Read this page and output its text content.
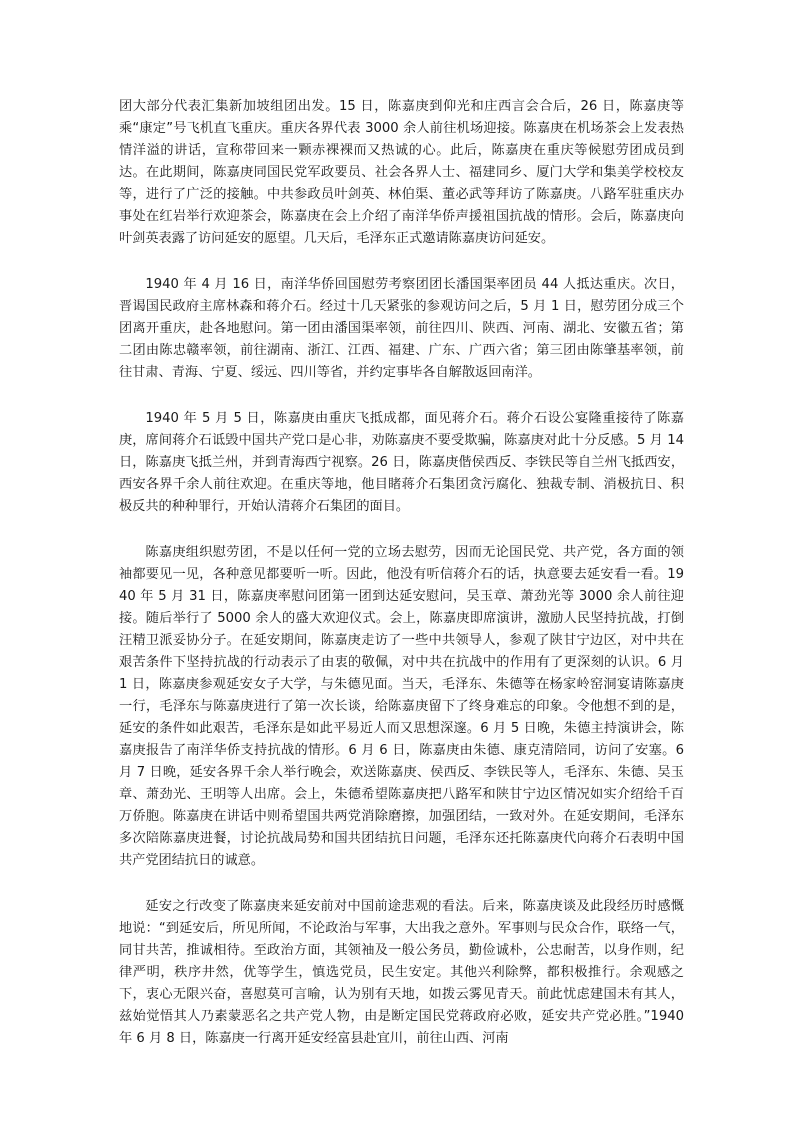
团大部分代表汇集新加坡组团出发。15 日，陈嘉庚到仰光和庄西言会合后，26 日，陈嘉庚等乘“康定”号飞机直飞重庆。重庆各界代表 3000 余人前往机场迎接。陈嘉庚在机场茶会上发表热情洋溢的讲话，宣称带回来一颗赤裸裸而又热诚的心。此后，陈嘉庚在重庆等候慰劳团成员到达。在此期间，陈嘉庚同国民党军政要员、社会各界人士、福建同乡、厦门大学和集美学校校友等，进行了广泛的接触。中共参政员叶剑英、林伯渠、董必武等拜访了陈嘉庚。八路军驻重庆办事处在红岩举行欢迎茶会，陈嘉庚在会上介绍了南洋华侨声援祖国抗战的情形。会后，陈嘉庚向叶剑英表露了访问延安的愿望。几天后，毛泽东正式邀请陈嘉庚访问延安。

1940 年 4 月 16 日，南洋华侨回国慰劳考察团团长潘国渠率团员 44 人抵达重庆。次日，晋谒国民政府主席林森和蒋介石。经过十几天紧张的参观访问之后，5 月 1 日，慰劳团分成三个团离开重庆，赴各地慰问。第一团由潘国渠率领，前往四川、陕西、河南、湖北、安徽五省；第二团由陈忠赣率领，前往湖南、浙江、江西、福建、广东、广西六省；第三团由陈肇基率领，前往甘肃、青海、宁夏、绥远、四川等省，并约定事毕各自解散返回南洋。

1940 年 5 月 5 日，陈嘉庚由重庆飞抵成都，面见蒋介石。蒋介石设公宴隆重接待了陈嘉庚，席间蒋介石诋毁中国共产党口是心非，劝陈嘉庚不要受欺骗，陈嘉庚对此十分反感。5 月 14 日，陈嘉庚飞抵兰州，并到青海西宁视察。26 日，陈嘉庚偕侯西反、李铁民等自兰州飞抵西安，西安各界千余人前往欢迎。在重庆等地，他目睹蒋介石集团贪污腐化、独裁专制、消极抗日、积极反共的种种罪行，开始认清蒋介石集团的面目。

陈嘉庚组织慰劳团，不是以任何一党的立场去慰劳，因而无论国民党、共产党，各方面的领袖都要见一见，各种意见都要听一听。因此，他没有听信蒋介石的话，执意要去延安看一看。1940 年 5 月 31 日，陈嘉庚率慰问团第一团到达延安慰问，吴玉章、萧劲光等 3000 余人前往迎接。随后举行了 5000 余人的盛大欢迎仪式。会上，陈嘉庚即席演讲，激励人民坚持抗战，打倒汪精卫派妥协分子。在延安期间，陈嘉庚走访了一些中共领导人，参观了陕甘宁边区，对中共在艰苦条件下坚持抗战的行动表示了由衷的敬佩，对中共在抗战中的作用有了更深刻的认识。6 月 1 日，陈嘉庚参观延安女子大学，与朱德见面。当天，毛泽东、朱德等在杨家岭窑洞宴请陈嘉庚一行，毛泽东与陈嘉庚进行了第一次长谈，给陈嘉庚留下了终身难忘的印象。令他想不到的是，延安的条件如此艰苦，毛泽东是如此平易近人而又思想深邃。6 月 5 日晚，朱德主持演讲会，陈嘉庚报告了南洋华侨支持抗战的情形。6 月 6 日，陈嘉庚由朱德、康克清陪同，访问了安塞。6 月 7 日晚，延安各界千余人举行晚会，欢送陈嘉庚、侯西反、李铁民等人，毛泽东、朱德、吴玉章、萧劲光、王明等人出席。会上，朱德希望陈嘉庚把八路军和陕甘宁边区情况如实介绍给千百万侨胞。陈嘉庚在讲话中则希望国共两党消除磨擦，加强团结，一致对外。在延安期间，毛泽东多次陪陈嘉庚进餐，讨论抗战局势和国共团结抗日问题，毛泽东还托陈嘉庚代向蒋介石表明中国共产党团结抗日的诚意。

延安之行改变了陈嘉庚来延安前对中国前途悲观的看法。后来，陈嘉庚谈及此段经历时感慨地说：“到延安后，所见所闻，不论政治与军事，大出我之意外。军事则与民众合作，联络一气，同甘共苦，推诚相待。至政治方面，其领袖及一般公务员，勤俭诚朴，公忠耐苦，以身作则，纪律严明，秩序井然，优等学生，慎选党员，民生安定。其他兴利除弊，都积极推行。余观感之下，衷心无限兴奋，喜慰莫可言喻，认为别有天地，如拨云雾见青天。前此忧虑建国未有其人，兹始觉悟其人乃素蒙恶名之共产党人物，由是断定国民党蒋政府必败，延安共产党必胜。”1940 年 6 月 8 日，陈嘉庚一行离开延安经富县赴宜川，前往山西、河南
